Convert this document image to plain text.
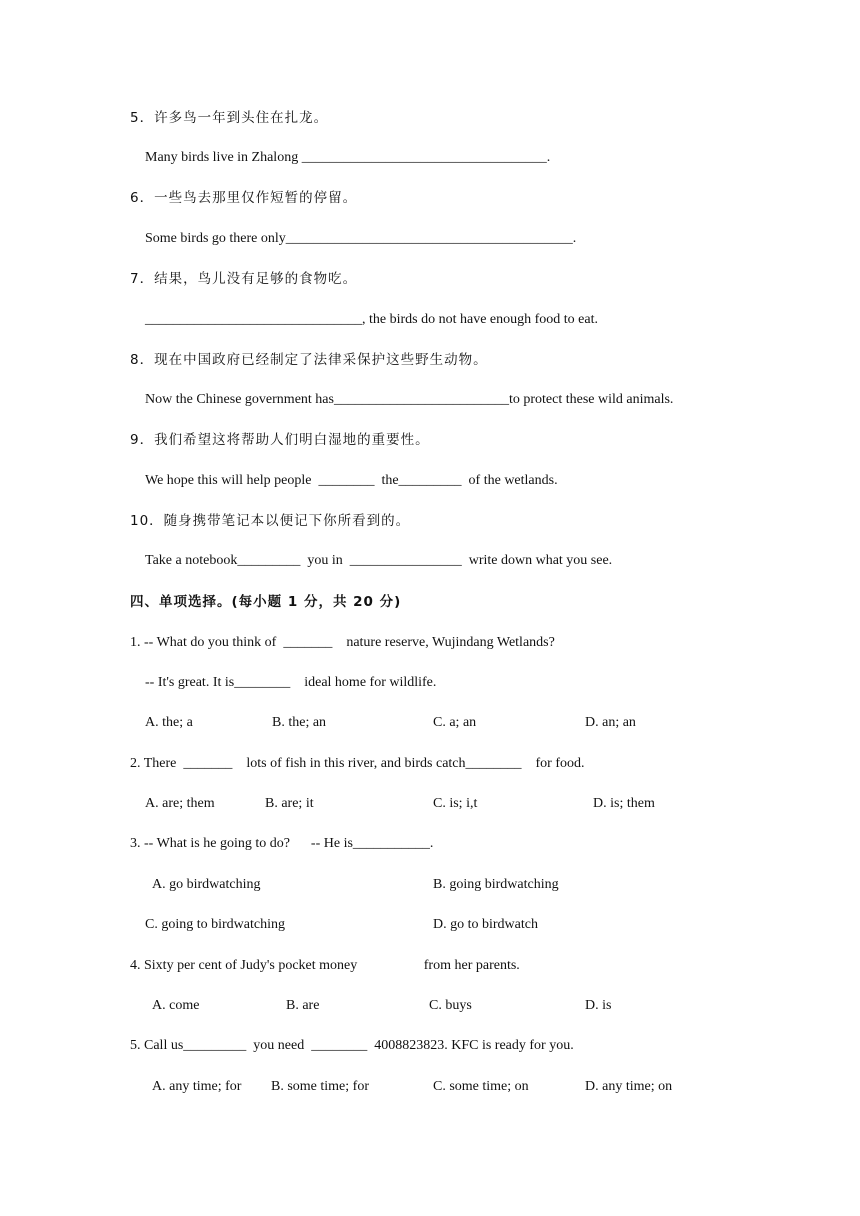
5．许多鸟一年到头住在扎龙。
Many birds live in Zhalong ___________________________________.
6．一些鸟去那里仅作短暂的停留。
Some birds go there only_________________________________________.
7．结果，鸟儿没有足够的食物吃。
_______________________________, the birds do not have enough food to eat.
8．现在中国政府已经制定了法律采保护这些野生动物。
Now the Chinese government has_________________________to protect these wild animals.
9．我们希望这将帮助人们明白湿地的重要性。
We hope this will help people  ________  the_________  of the wetlands.
10．随身携带笔记本以便记下你所看到的。
Take a notebook_________  you in  ________________  write down what you see.
四、单项选择。(每小题 1 分，共 20 分)
1. -- What do you think of  _______    nature reserve, Wujindang Wetlands?
-- It's great. It is________    ideal home for wildlife.
A. the; a	B. the; an	C. a; an	D. an; an
2. There  _______    lots of fish in this river, and birds catch________    for food.
A. are; them	B. are; it	C. is; i,t	D. is; them
3. -- What is he going to do?      -- He is___________.
A. go birdwatching	B. going birdwatching
C. going to birdwatching	D. go to birdwatch
4. Sixty per cent of Judy's pocket money                   from her parents.
A. come	B. are	C. buys	D. is
5. Call us_________  you need  ________  4008823823. KFC is ready for you.
A. any time; for B. some time; for	C. some time; on	D. any time; on
